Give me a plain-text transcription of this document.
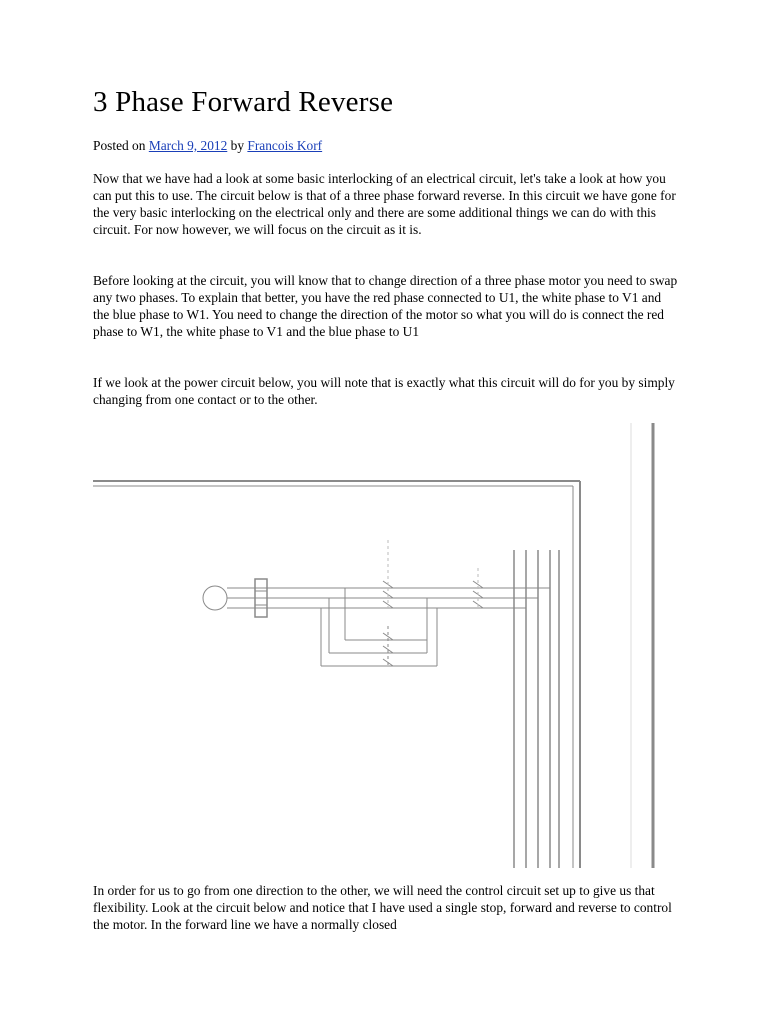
3 Phase Forward Reverse
Posted on March 9, 2012 by Francois Korf

Now that we have had a look at some basic interlocking of an electrical circuit, let's take a look at how you can put this to use. The circuit below is that of a three phase forward reverse. In this circuit we have gone for the very basic interlocking on the electrical only and there are some additional things we can do with this circuit. For now however, we will focus on the circuit as it is.

Before looking at the circuit, you will know that to change direction of a three phase motor you need to swap any two phases. To explain that better, you have the red phase connected to U1, the white phase to V1 and the blue phase to W1. You need to change the direction of the motor so what you will do is connect the red phase to W1, the white phase to V1 and the blue phase to U1

If we look at the power circuit below, you will note that is exactly what this circuit will do for you by simply changing from one contact or to the other.

In order for us to go from one direction to the other, we will need the control circuit set up to give us that flexibility. Look at the circuit below and notice that I have used a single stop, forward and reverse to control the motor. In the forward line we have a normally closed
